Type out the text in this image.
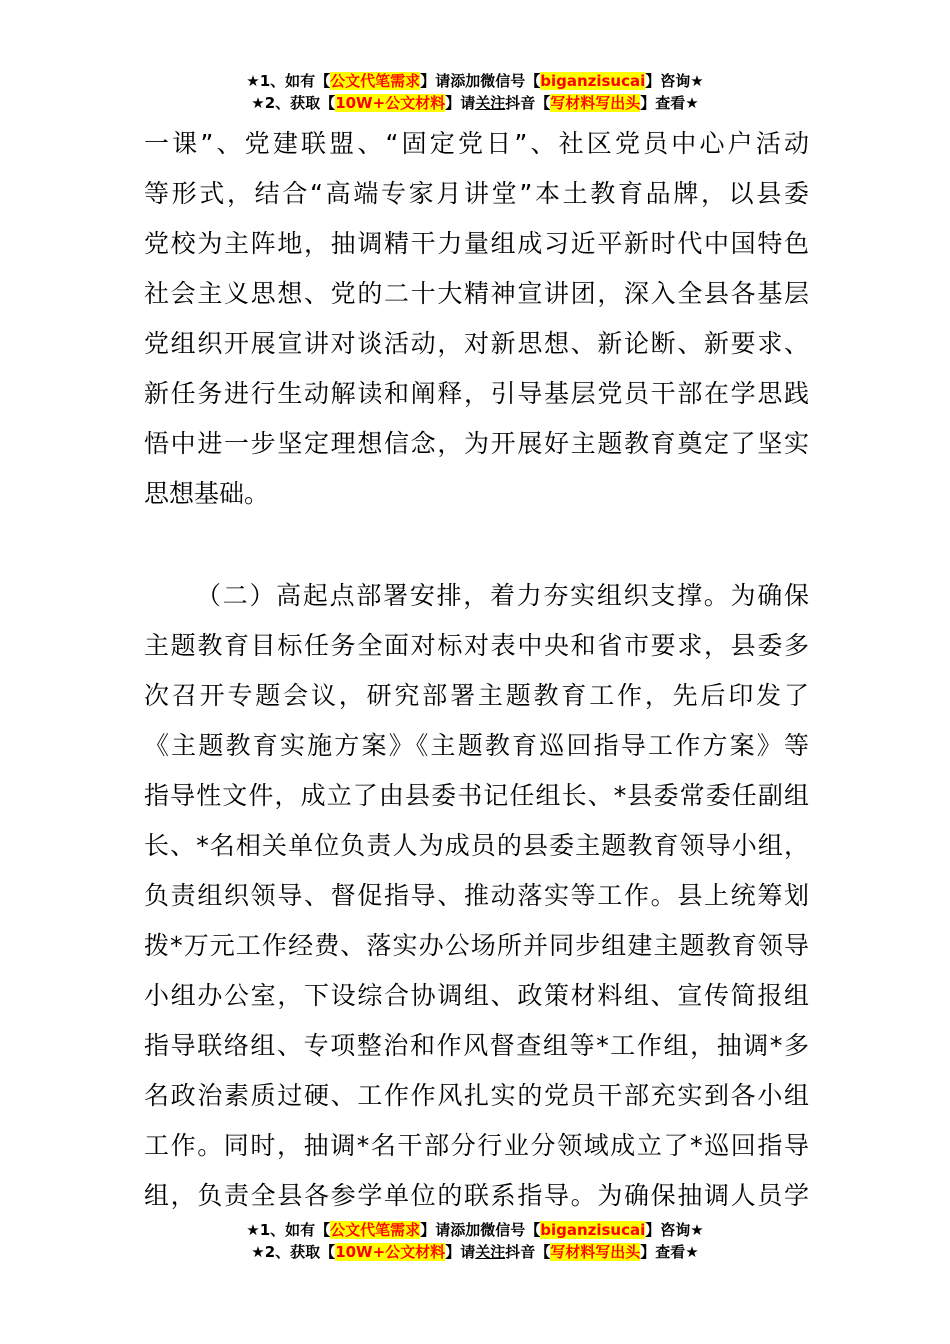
★1、如有【公文代笔需求】请添加微信号【biganzisucai】咨询★
★2、获取【10W+公文材料】请关注抖音【写材料写出头】查看★
一课”、党建联盟、“固定党日”、社区党员中心户活动
等形式，结合“高端专家月讲堂”本土教育品牌，以县委
党校为主阵地，抽调精干力量组成习近平新时代中国特色
社会主义思想、党的二十大精神宣讲团，深入全县各基层
党组织开展宣讲对谈活动，对新思想、新论断、新要求、
新任务进行生动解读和阐释，引导基层党员干部在学思践
悟中进一步坚定理想信念，为开展好主题教育奠定了坚实
思想基础。
（二）高起点部署安排，着力夯实组织支撑。为确保
主题教育目标任务全面对标对表中央和省市要求，县委多
次召开专题会议，研究部署主题教育工作，先后印发了
《主题教育实施方案》《主题教育巡回指导工作方案》等
指导性文件，成立了由县委书记任组长、*县委常委任副组
长、*名相关单位负责人为成员的县委主题教育领导小组，
负责组织领导、督促指导、推动落实等工作。县上统筹划
拨*万元工作经费、落实办公场所并同步组建主题教育领导
小组办公室，下设综合协调组、政策材料组、宣传简报组
指导联络组、专项整治和作风督查组等*工作组，抽调*多
名政治素质过硬、工作作风扎实的党员干部充实到各小组
工作。同时，抽调*名干部分行业分领域成立了*巡回指导
组，负责全县各参学单位的联系指导。为确保抽调人员学
★1、如有【公文代笔需求】请添加微信号【biganzisucai】咨询★
★2、获取【10W+公文材料】请关注抖音【写材料写出头】查看★
